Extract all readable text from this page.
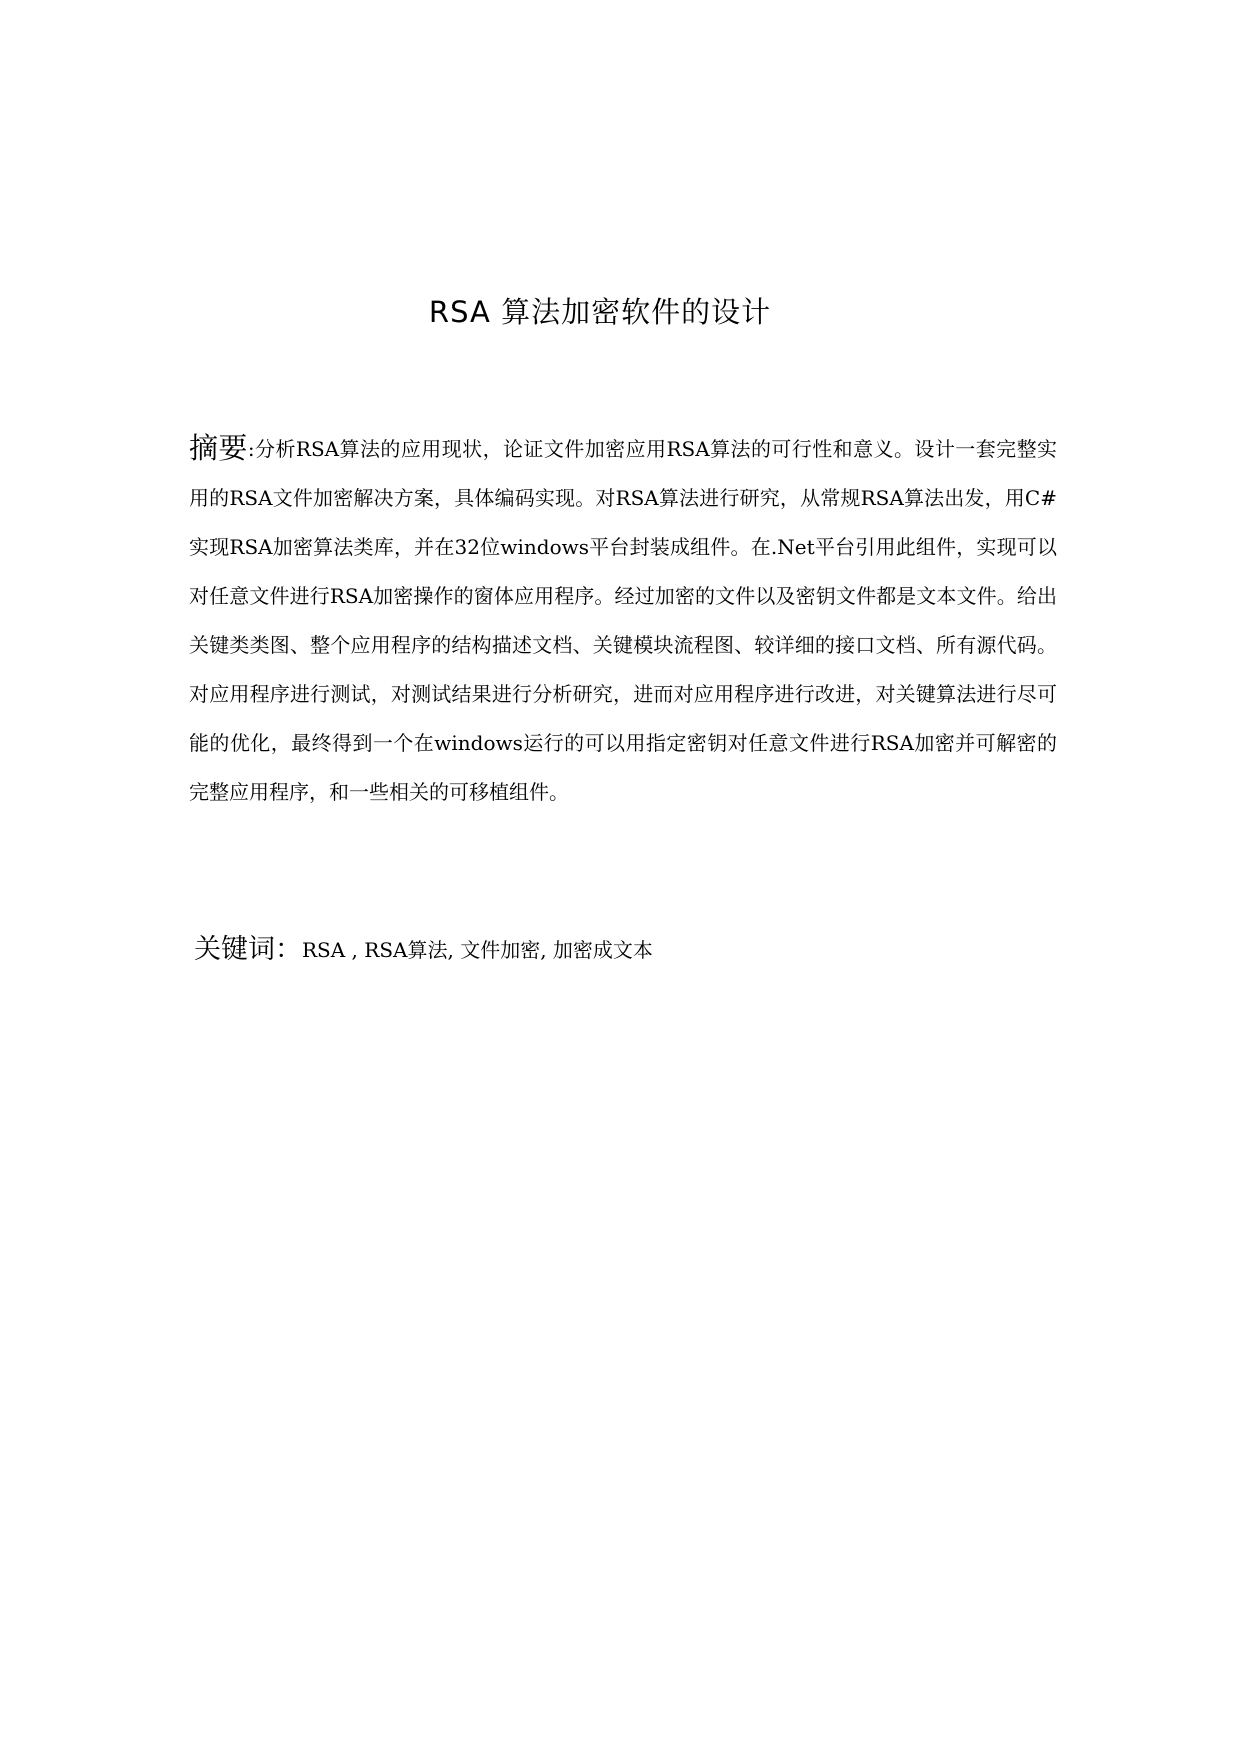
RSA 算法加密软件的设计

摘要:分析RSA算法的应用现状，论证文件加密应用RSA算法的可行性和意义。设计一套完整实用的RSA文件加密解决方案，具体编码实现。对RSA算法进行研究，从常规RSA算法出发，用C#实现RSA加密算法类库，并在32位windows平台封装成组件。在.Net平台引用此组件，实现可以对任意文件进行RSA加密操作的窗体应用程序。经过加密的文件以及密钥文件都是文本文件。给出关键类类图、整个应用程序的结构描述文档、关键模块流程图、较详细的接口文档、所有源代码。对应用程序进行测试，对测试结果进行分析研究，进而对应用程序进行改进，对关键算法进行尽可能的优化，最终得到一个在windows运行的可以用指定密钥对任意文件进行RSA加密并可解密的完整应用程序，和一些相关的可移植组件。

关键词：RSA , RSA算法, 文件加密, 加密成文本
